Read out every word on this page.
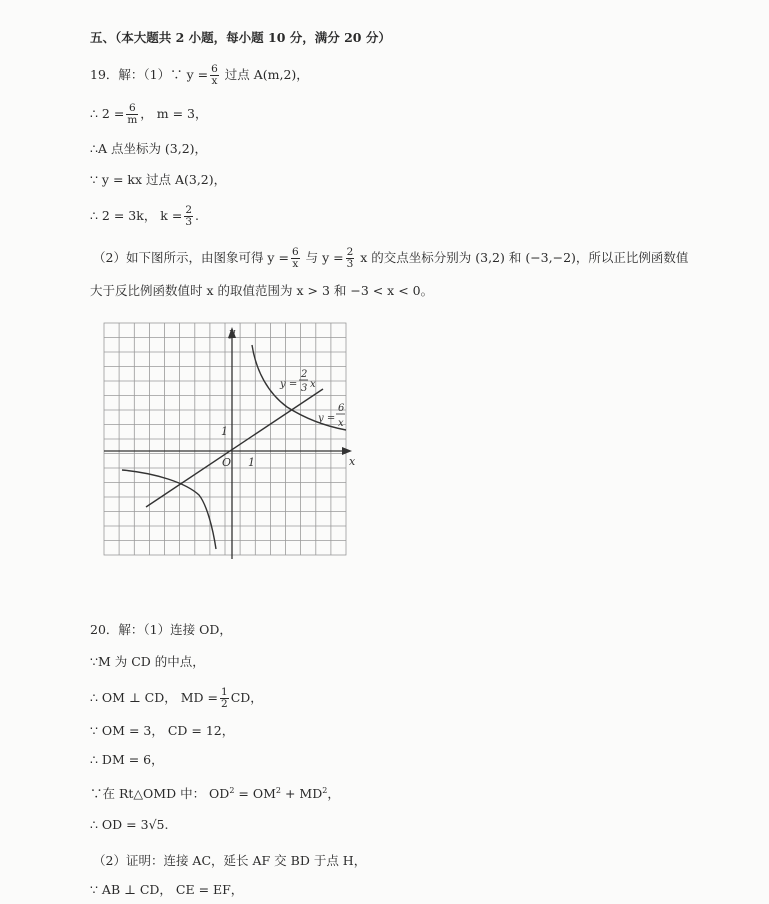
五、（本大题共 2 小题，每小题 10 分，满分 20 分）
19．解：（1）∵ $y = \frac{6}{x}$ 过点 A(m,2)，
∴ $2 = \frac{6}{m}$ ， m = 3，
∴A 点坐标为 (3,2)，
∵ y = kx 过点 A(3,2)，
∴ 2 = 3k， $k = \frac{2}{3}$ .
（2）如下图所示，由图象可得 $y = \frac{6}{x}$ 与 $y = \frac{2}{3}$ x 的交点坐标分别为 (3,2) 和 (−3,−2)，所以正比例函数值
大于反比例函数值时 x 的取值范围为 x > 3 和 −3 < x < 0。
y
x
O 1
1
y =
2
3 x
y =
6
x
20．解：（1）连接 OD，
∵M 为 CD 的中点，
∴ OM ⊥ CD， MD = $\frac{1}{2}$ CD，
∵ OM = 3， CD = 12，
∴ DM = 6，
∵在 Rt△OMD 中： $OD^2 = OM^2 + MD^2$，
∴ OD = 3√5.
（2）证明：连接 AC，延长 AF 交 BD 于点 H，
∵ AB ⊥ CD， CE = EF，
